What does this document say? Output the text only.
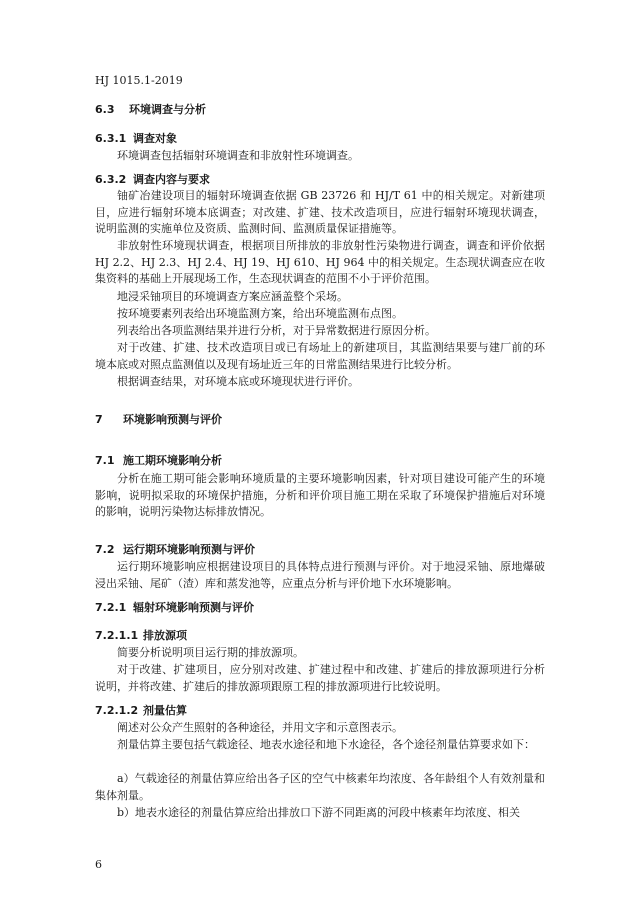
HJ 1015.1-2019
6.3 环境调查与分析
6.3.1 调查对象

环境调查包括辐射环境调查和非放射性环境调查。

6.3.2 调查内容与要求

铀矿冶建设项目的辐射环境调查依据 GB 23726 和 HJ/T 61 中的相关规定。对新建项目，应进行辐射环境本底调查；对改建、扩建、技术改造项目，应进行辐射环境现状调查，说明监测的实施单位及资质、监测时间、监测质量保证措施等。

非放射性环境现状调查，根据项目所排放的非放射性污染物进行调查，调查和评价依据 HJ 2.2、HJ 2.3、HJ 2.4、HJ 19、HJ 610、HJ 964 中的相关规定。生态现状调查应在收集资料的基础上开展现场工作，生态现状调查的范围不小于评价范围。

地浸采铀项目的环境调查方案应涵盖整个采场。

按环境要素列表给出环境监测方案，给出环境监测布点图。

列表给出各项监测结果并进行分析，对于异常数据进行原因分析。

对于改建、扩建、技术改造项目或已有场址上的新建项目，其监测结果要与建厂前的环境本底或对照点监测值以及现有场址近三年的日常监测结果进行比较分析。

根据调查结果，对环境本底或环境现状进行评价。

7 环境影响预测与评价
7.1 施工期环境影响分析

分析在施工期可能会影响环境质量的主要环境影响因素，针对项目建设可能产生的环境影响，说明拟采取的环境保护措施，分析和评价项目施工期在采取了环境保护措施后对环境的影响，说明污染物达标排放情况。

7.2 运行期环境影响预测与评价

运行期环境影响应根据建设项目的具体特点进行预测与评价。对于地浸采铀、原地爆破浸出采铀、尾矿（渣）库和蒸发池等，应重点分析与评价地下水环境影响。

7.2.1 辐射环境影响预测与评价
7.2.1.1 排放源项

简要分析说明项目运行期的排放源项。

对于改建、扩建项目，应分别对改建、扩建过程中和改建、扩建后的排放源项进行分析说明，并将改建、扩建后的排放源项跟原工程的排放源项进行比较说明。

7.2.1.2 剂量估算

阐述对公众产生照射的各种途径，并用文字和示意图表示。

剂量估算主要包括气载途径、地表水途径和地下水途径，各个途径剂量估算要求如下：

a）气载途径的剂量估算应给出各子区的空气中核素年均浓度、各年龄组个人有效剂量和集体剂量。

b）地表水途径的剂量估算应给出排放口下游不同距离的河段中核素年均浓度、相关

6
